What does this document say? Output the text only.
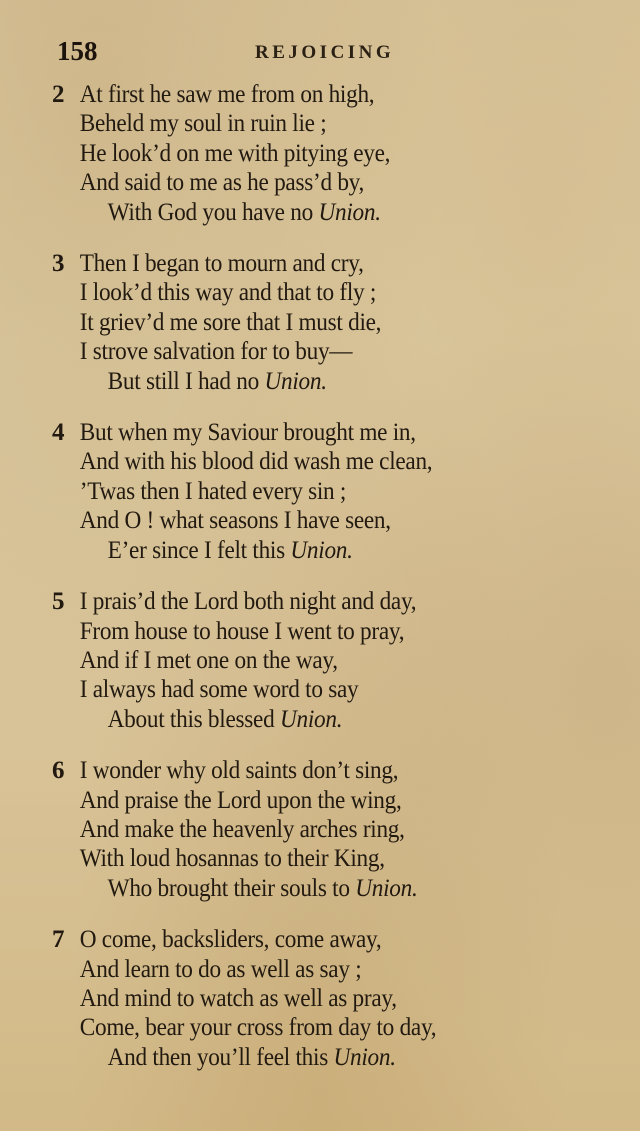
158	REJOICING
2 At first he saw me from on high,
Beheld my soul in ruin lie ;
He look’d on me with pitying eye,
And said to me as he pass’d by,
With God you have no Union.
3 Then I began to mourn and cry,
I look’d this way and that to fly ;
It griev’d me sore that I must die,
I strove salvation for to buy—
But still I had no Union.
4 But when my Saviour brought me in,
And with his blood did wash me clean,
’Twas then I hated every sin ;
And O ! what seasons I have seen,
E’er since I felt this Union.
5 I prais’d the Lord both night and day,
From house to house I went to pray,
And if I met one on the way,
I always had some word to say
About this blessed Union.
6 I wonder why old saints don’t sing,
And praise the Lord upon the wing,
And make the heavenly arches ring,
With loud hosannas to their King,
Who brought their souls to Union.
7 O come, backsliders, come away,
And learn to do as well as say ;
And mind to watch as well as pray,
Come, bear your cross from day to day,
And then you’ll feel this Union.
